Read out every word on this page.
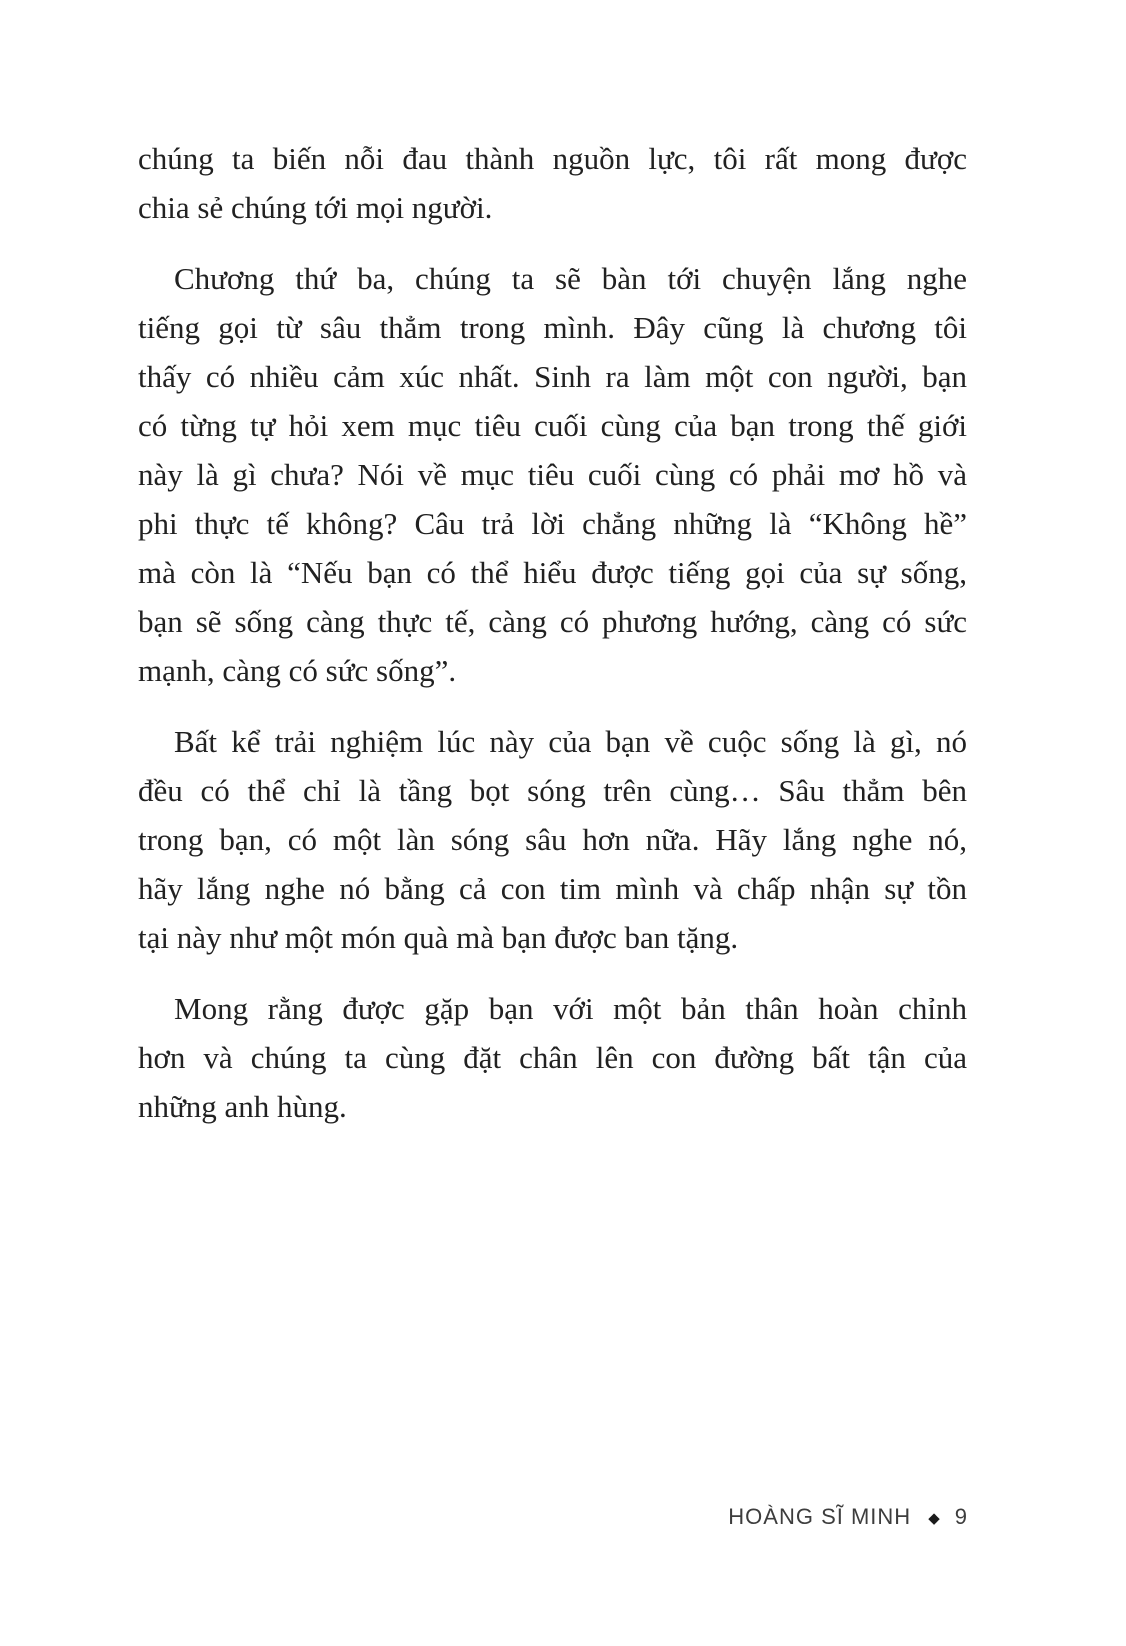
chúng ta biến nỗi đau thành nguồn lực, tôi rất mong được
chia sẻ chúng tới mọi người.
Chương thứ ba, chúng ta sẽ bàn tới chuyện lắng nghe
tiếng gọi từ sâu thẳm trong mình. Đây cũng là chương tôi
thấy có nhiều cảm xúc nhất. Sinh ra làm một con người, bạn
có từng tự hỏi xem mục tiêu cuối cùng của bạn trong thế giới
này là gì chưa? Nói về mục tiêu cuối cùng có phải mơ hồ và
phi thực tế không? Câu trả lời chẳng những là “Không hề”
mà còn là “Nếu bạn có thể hiểu được tiếng gọi của sự sống,
bạn sẽ sống càng thực tế, càng có phương hướng, càng có sức
mạnh, càng có sức sống”.
Bất kể trải nghiệm lúc này của bạn về cuộc sống là gì, nó
đều có thể chỉ là tầng bọt sóng trên cùng… Sâu thẳm bên
trong bạn, có một làn sóng sâu hơn nữa. Hãy lắng nghe nó,
hãy lắng nghe nó bằng cả con tim mình và chấp nhận sự tồn
tại này như một món quà mà bạn được ban tặng.
Mong rằng được gặp bạn với một bản thân hoàn chỉnh
hơn và chúng ta cùng đặt chân lên con đường bất tận của
những anh hùng.
HOÀNG SĨ MINH ◆ 9
